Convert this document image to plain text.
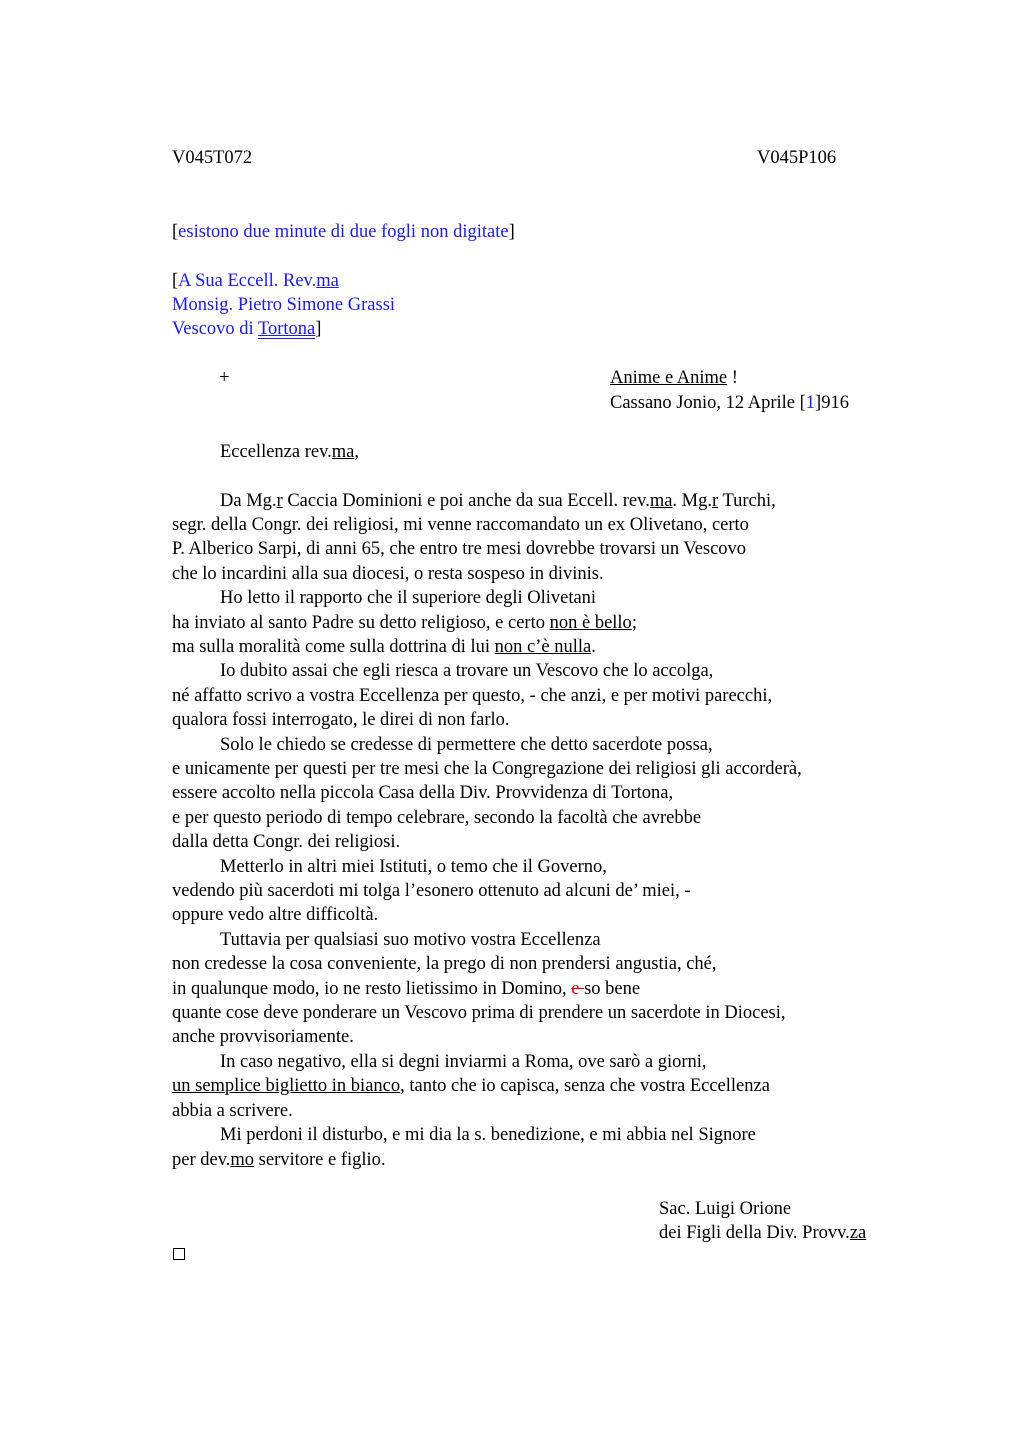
V045T072	V045P106
[esistono due minute di due fogli non digitate]
[A Sua Eccell. Rev.ma
Monsig. Pietro Simone Grassi
Vescovo di Tortona]
+	Anime e Anime !
Cassano Jonio, 12 Aprile [1]916
Eccellenza rev.ma,
Da Mg.r Caccia Dominioni e poi anche da sua Eccell. rev.ma. Mg.r Turchi,
segr. della Congr. dei religiosi, mi venne raccomandato un ex Olivetano, certo
P. Alberico Sarpi, di anni 65, che entro tre mesi dovrebbe trovarsi un Vescovo
che lo incardini alla sua diocesi, o resta sospeso in divinis.
Ho letto il rapporto che il superiore degli Olivetani
ha inviato al santo Padre su detto religioso, e certo non è bello;
ma sulla moralità come sulla dottrina di lui non c’è nulla.
Io dubito assai che egli riesca a trovare un Vescovo che lo accolga,
né affatto scrivo a vostra Eccellenza per questo, - che anzi, e per motivi parecchi,
qualora fossi interrogato, le direi di non farlo.
Solo le chiedo se credesse di permettere che detto sacerdote possa,
e unicamente per questi per tre mesi che la Congregazione dei religiosi gli accorderà,
essere accolto nella piccola Casa della Div. Provvidenza di Tortona,
e per questo periodo di tempo celebrare, secondo la facoltà che avrebbe
dalla detta Congr. dei religiosi.
Metterlo in altri miei Istituti, o temo che il Governo,
vedendo più sacerdoti mi tolga l’esonero ottenuto ad alcuni de’ miei, -
oppure vedo altre difficoltà.
Tuttavia per qualsiasi suo motivo vostra Eccellenza
non credesse la cosa conveniente, la prego di non prendersi angustia, ché,
in qualunque modo, io ne resto lietissimo in Domino, e so bene
quante cose deve ponderare un Vescovo prima di prendere un sacerdote in Diocesi,
anche provvisoriamente.
In caso negativo, ella si degni inviarmi a Roma, ove sarò a giorni,
un semplice biglietto in bianco, tanto che io capisca, senza che vostra Eccellenza
abbia a scrivere.
Mi perdoni il disturbo, e mi dia la s. benedizione, e mi abbia nel Signore
per dev.mo servitore e figlio.
Sac. Luigi Orione
dei Figli della Div. Provv.za
